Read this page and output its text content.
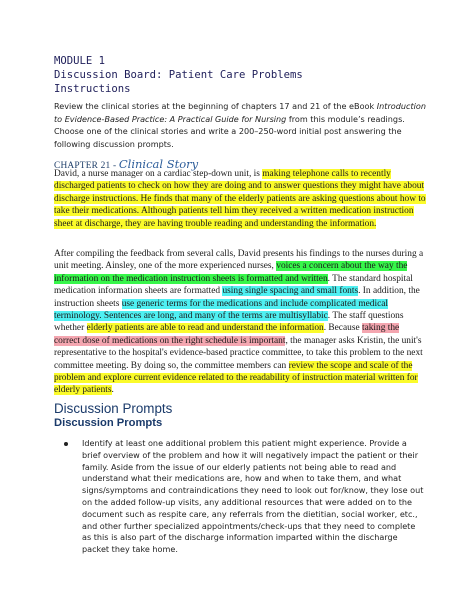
MODULE 1
Discussion Board: Patient Care Problems
Instructions
Review the clinical stories at the beginning of chapters 17 and 21 of the eBook Introduction to Evidence-Based Practice: A Practical Guide for Nursing from this module’s readings. Choose one of the clinical stories and write a 200–250-word initial post answering the following discussion prompts.
CHAPTER 21 - Clinical Story

David, a nurse manager on a cardiac step-down unit, is making telephone calls to recently discharged patients to check on how they are doing and to answer questions they might have about discharge instructions. He finds that many of the elderly patients are asking questions about how to take their medications. Although patients tell him they received a written medication instruction sheet at discharge, they are having trouble reading and understanding the information.

After compiling the feedback from several calls, David presents his findings to the nurses during a unit meeting. Ainsley, one of the more experienced nurses, voices a concern about the way the information on the medication instruction sheets is formatted and written. The standard hospital medication information sheets are formatted using single spacing and small fonts. In addition, the instruction sheets use generic terms for the medications and include complicated medical terminology. Sentences are long, and many of the terms are multisyllabic. The staff questions whether elderly patients are able to read and understand the information. Because taking the correct dose of medications on the right schedule is important, the manager asks Kristin, the unit's representative to the hospital's evidence-based practice committee, to take this problem to the next committee meeting. By doing so, the committee members can review the scope and scale of the problem and explore current evidence related to the readability of instruction material written for elderly patients.

Discussion Prompts
Discussion Prompts
Identify at least one additional problem this patient might experience. Provide a brief overview of the problem and how it will negatively impact the patient or their family. Aside from the issue of our elderly patients not being able to read and understand what their medications are, how and when to take them, and what signs/symptoms and contraindications they need to look out for/know, they lose out on the added follow-up visits, any additional resources that were added on to the document such as respite care, any referrals from the dietitian, social worker, etc., and other further specialized appointments/check-ups that they need to complete as this is also part of the discharge information imparted within the discharge packet they take home.
